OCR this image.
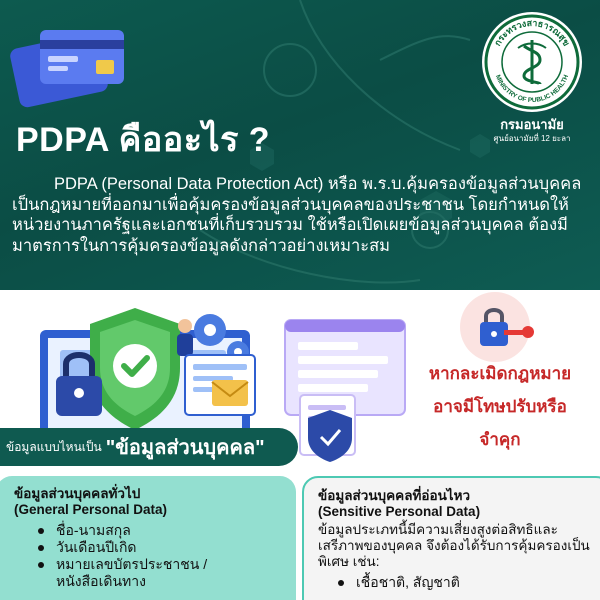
PDPA คืออะไร ?
PDPA (Personal Data Protection Act) หรือ พ.ร.บ.คุ้มครองข้อมูลส่วนบุคคล เป็นกฎหมายที่ออกมาเพื่อคุ้มครองข้อมูลส่วนบุคคลของประชาชน โดยกำหนดให้หน่วยงานภาครัฐและเอกชนที่เก็บรวบรวม ใช้หรือเปิดเผยข้อมูลส่วนบุคคล ต้องมีมาตรการในการคุ้มครองข้อมูลดังกล่าวอย่างเหมาะสม
กระทรวงสาธารณสุข
MINISTRY OF PUBLIC HEALTH
กรมอนามัย
ศูนย์อนามัยที่ 12 ยะลา
หากละเมิดกฎหมาย
อาจมีโทษปรับหรือ
จำคุก
ข้อมูลแบบไหนเป็น "ข้อมูลส่วนบุคคล"
ข้อมูลส่วนบุคคลทั่วไป
(General Personal Data)
ชื่อ-นามสกุล
วันเดือนปีเกิด
หมายเลขบัตรประชาชน / หนังสือเดินทาง
ข้อมูลส่วนบุคคลที่อ่อนไหว
(Sensitive Personal Data)
ข้อมูลประเภทนี้มีความเสี่ยงสูงต่อสิทธิและเสรีภาพของบุคคล จึงต้องได้รับการคุ้มครองเป็นพิเศษ เช่น:
เชื้อชาติ, สัญชาติ
